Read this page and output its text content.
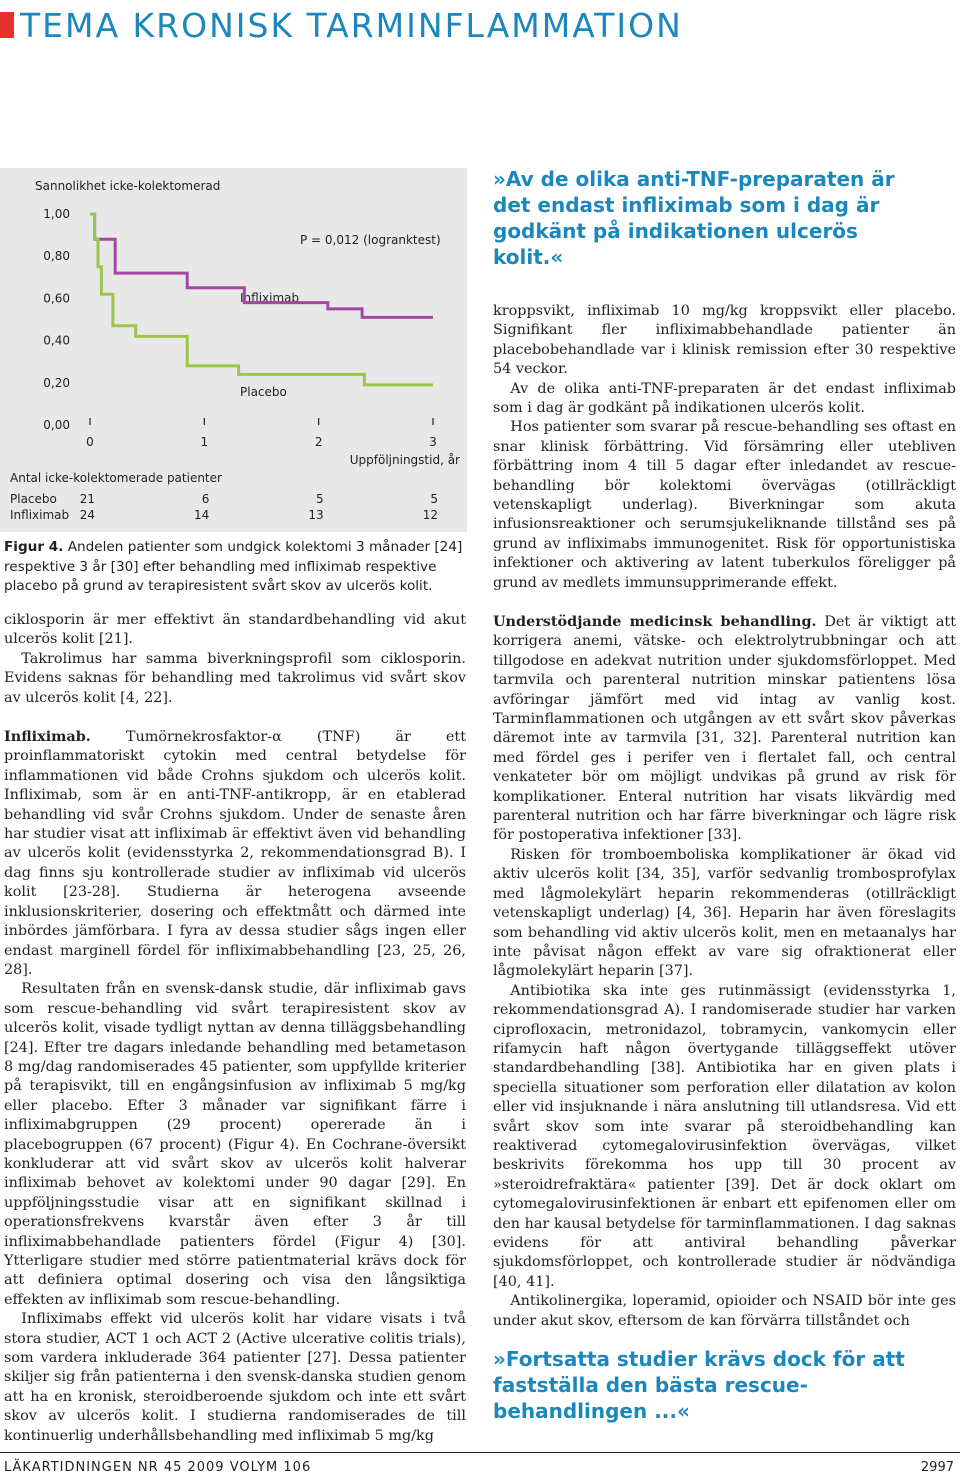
TEMA KRONISK TARMINFLAMMATION
Sannolikhet icke-kolektomerad
P = 0,012 (logranktest)
Uppföljningstid, år
Infliximab
Placebo
Antal icke-kolektomerade patienter
1,00
0,80
0,60
0,40
0,20
0,00
0	1	2	3
Placebo 21	6	5	5
Infliximab 24	14	13	12
Figur 4. Andelen patienter som undgick kolektomi 3 månader [24] respektive 3 år [30] efter behandling med infliximab respektive placebo på grund av terapiresistent svårt skov av ulcerös kolit.
»Av de olika anti-TNF-preparaten är det endast infliximab som i dag är godkänt på indikationen ulcerös kolit.«

ciklosporin är mer effektivt än standardbehandling vid akut ulcerös kolit [21].

Takrolimus har samma biverkningsprofil som ciklosporin. Evidens saknas för behandling med takrolimus vid svårt skov av ulcerös kolit [4, 22].

Infliximab. Tumörnekrosfaktor-α (TNF) är ett proinflammatoriskt cytokin med central betydelse för inflammationen vid både Crohns sjukdom och ulcerös kolit. Infliximab, som är en anti-TNF-antikropp, är en etablerad behandling vid svår Crohns sjukdom. Under de senaste åren har studier visat att infliximab är effektivt även vid behandling av ulcerös kolit (evidensstyrka 2, rekommendationsgrad B). I dag finns sju kontrollerade studier av infliximab vid ulcerös kolit [23-28]. Studierna är heterogena avseende inklusionskriterier, dosering och effektmått och därmed inte inbördes jämförbara. I fyra av dessa studier sågs ingen eller endast marginell fördel för infliximabbehandling [23, 25, 26, 28].

Resultaten från en svensk-dansk studie, där infliximab gavs som rescue-behandling vid svårt terapiresistent skov av ulcerös kolit, visade tydligt nyttan av denna tilläggsbehandling [24]. Efter tre dagars inledande behandling med betametason 8 mg/dag randomiserades 45 patienter, som uppfyllde kriterier på terapisvikt, till en engångsinfusion av infliximab 5 mg/kg eller placebo. Efter 3 månader var signifikant färre i infliximabgruppen (29 procent) opererade än i placebogruppen (67 procent) (Figur 4). En Cochrane-översikt konkluderar att vid svårt skov av ulcerös kolit halverar infliximab behovet av kolektomi under 90 dagar [29]. En uppföljningsstudie visar att en signifikant skillnad i operationsfrekvens kvarstår även efter 3 år till infliximabbehandlade patienters fördel (Figur 4) [30]. Ytterligare studier med större patientmaterial krävs dock för att definiera optimal dosering och visa den långsiktiga effekten av infliximab som rescue-behandling.

Infliximabs effekt vid ulcerös kolit har vidare visats i två stora studier, ACT 1 och ACT 2 (Active ulcerative colitis trials), som vardera inkluderade 364 patienter [27]. Dessa patienter skiljer sig från patienterna i den svensk-danska studien genom att ha en kronisk, steroidberoende sjukdom och inte ett svårt skov av ulcerös kolit. I studierna randomiserades de till kontinuerlig underhållsbehandling med infliximab 5 mg/kg

kroppsvikt, infliximab 10 mg/kg kroppsvikt eller placebo. Signifikant fler infliximabbehandlade patienter än placebobehandlade var i klinisk remission efter 30 respektive 54 veckor.

Av de olika anti-TNF-preparaten är det endast infliximab som i dag är godkänt på indikationen ulcerös kolit.

Hos patienter som svarar på rescue-behandling ses oftast en snar klinisk förbättring. Vid försämring eller utebliven förbättring inom 4 till 5 dagar efter inledandet av rescue-behandling bör kolektomi övervägas (otillräckligt vetenskapligt underlag). Biverkningar som akuta infusionsreaktioner och serumsjukeliknande tillstånd ses på grund av infliximabs immunogenitet. Risk för opportunistiska infektioner och aktivering av latent tuberkulos föreligger på grund av medlets immunsupprimerande effekt.

Understödjande medicinsk behandling. Det är viktigt att korrigera anemi, vätske- och elektrolytrubbningar och att tillgodose en adekvat nutrition under sjukdomsförloppet. Med tarmvila och parenteral nutrition minskar patientens lösa avföringar jämfört med vid intag av vanlig kost. Tarminflammationen och utgången av ett svårt skov påverkas däremot inte av tarmvila [31, 32]. Parenteral nutrition kan med fördel ges i perifer ven i flertalet fall, och central venkateter bör om möjligt undvikas på grund av risk för komplikationer. Enteral nutrition har visats likvärdig med parenteral nutrition och har färre biverkningar och lägre risk för postoperativa infektioner [33].

Risken för tromboemboliska komplikationer är ökad vid aktiv ulcerös kolit [34, 35], varför sedvanlig trombosprofylax med lågmolekylärt heparin rekommenderas (otillräckligt vetenskapligt underlag) [4, 36]. Heparin har även föreslagits som behandling vid aktiv ulcerös kolit, men en metaanalys har inte påvisat någon effekt av vare sig ofraktionerat eller lågmolekylärt heparin [37].

Antibiotika ska inte ges rutinmässigt (evidensstyrka 1, rekommendationsgrad A). I randomiserade studier har varken ciprofloxacin, metronidazol, tobramycin, vankomycin eller rifamycin haft någon övertygande tilläggseffekt utöver standardbehandling [38]. Antibiotika har en given plats i speciella situationer som perforation eller dilatation av kolon eller vid insjuknande i nära anslutning till utlandsresa. Vid ett svårt skov som inte svarar på steroidbehandling kan reaktiverad cytomegalovirusinfektion övervägas, vilket beskrivits förekomma hos upp till 30 procent av »steroidrefraktära« patienter [39]. Det är dock oklart om cytomegalovirusinfektionen är enbart ett epifenomen eller om den har kausal betydelse för tarminflammationen. I dag saknas evidens för att antiviral behandling påverkar sjukdomsförloppet, och kontrollerade studier är nödvändiga [40, 41].

Antikolinergika, loperamid, opioider och NSAID bör inte ges under akut skov, eftersom de kan förvärra tillståndet och

»Fortsatta studier krävs dock för att fastställa den bästa rescue-behandlingen ...«
LÄKARTIDNINGEN NR 45 2009 VOLYM 106	2997
